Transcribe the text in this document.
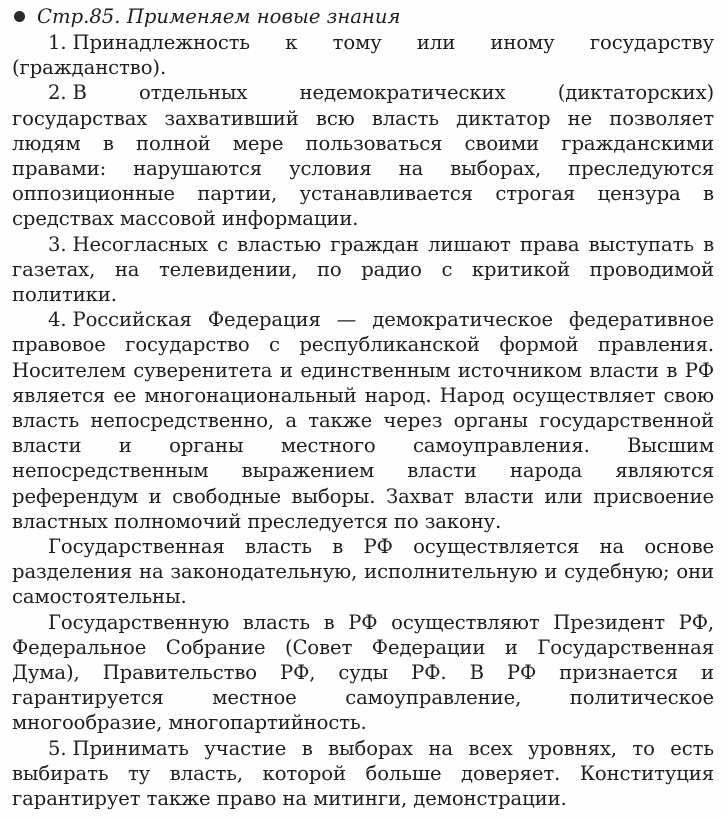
Стр.85. Применяем новые знания

1. Принадлежность к тому или иному государству (гражданство).

2. В отдельных недемократических (диктаторских) государствах захвативший всю власть диктатор не позволяет людям в полной мере пользоваться своими гражданскими правами: нарушаются условия на выборах, преследуются оппозиционные партии, устанавливается строгая цензура в средствах массовой информации.

3. Несогласных с властью граждан лишают права выступать в газетах, на телевидении, по радио с критикой проводимой политики.

4. Российская Федерация — демократическое федеративное правовое государство с республиканской формой правления. Носителем суверенитета и единственным источником власти в РФ является ее многонациональный народ. Народ осуществляет свою власть непосредственно, а также через органы государственной власти и органы местного самоуправления. Высшим непосредственным выражением власти народа являются референдум и свободные выборы. Захват власти или присвоение властных полномочий преследуется по закону.

Государственная власть в РФ осуществляется на основе разделения на законодательную, исполнительную и судебную; они самостоятельны.

Государственную власть в РФ осуществляют Президент РФ, Федеральное Собрание (Совет Федерации и Государственная Дума), Правительство РФ, суды РФ. В РФ признается и гарантируется местное самоуправление, политическое многообразие, многопартийность.

5. Принимать участие в выборах на всех уровнях, то есть выбирать ту власть, которой больше доверяет. Конституция гарантирует также право на митинги, демонстрации.
